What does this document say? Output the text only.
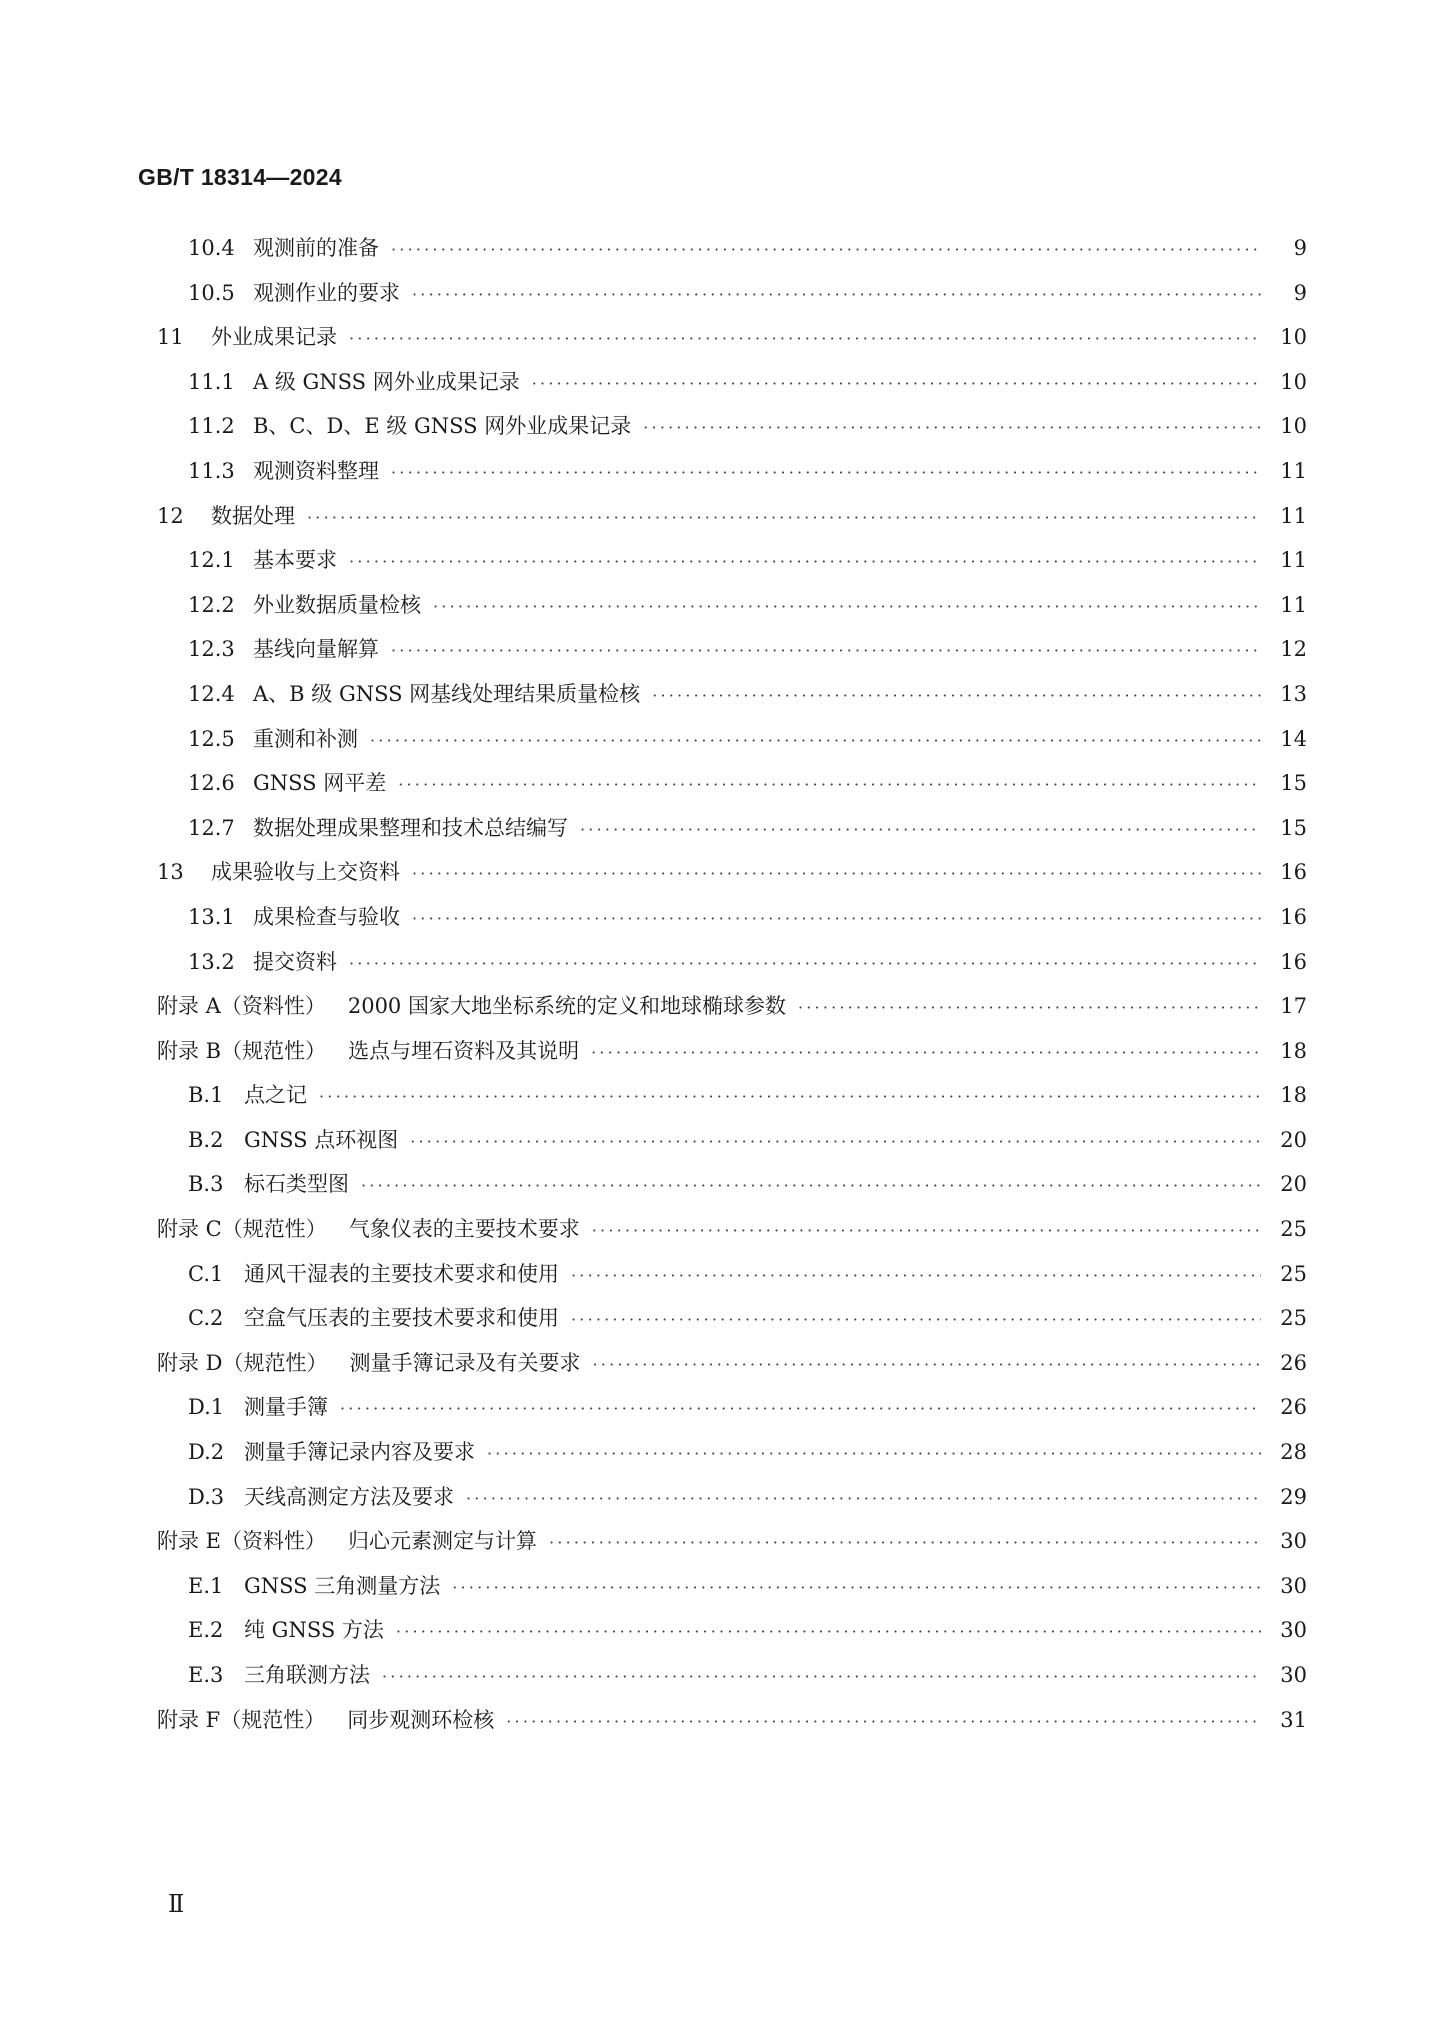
GB/T 18314—2024
10.4 观测前的准备 ·····	9
10.5 观测作业的要求 ·····	9
11	外业成果记录 ·····	10
11.1 A 级 GNSS 网外业成果记录 ·····	10
11.2 B、C、D、E 级 GNSS 网外业成果记录 ·····	10
11.3 观测资料整理 ·····	11
12	数据处理 ·····	11
12.1 基本要求 ·····	11
12.2 外业数据质量检核 ·····	11
12.3 基线向量解算 ·····	12
12.4 A、B 级 GNSS 网基线处理结果质量检核 ·····	13
12.5 重测和补测 ·····	14
12.6 GNSS 网平差 ·····	15
12.7 数据处理成果整理和技术总结编写 ·····	15
13	成果验收与上交资料 ·····	16
13.1 成果检查与验收 ·····	16
13.2 提交资料 ·····	16
附录 A（资料性）	2000 国家大地坐标系统的定义和地球椭球参数 ·····	17
附录 B（规范性）	选点与埋石资料及其说明 ·····	18
B.1 点之记 ·····	18
B.2 GNSS 点环视图 ·····	20
B.3 标石类型图 ·····	20
附录 C（规范性）	气象仪表的主要技术要求 ·····	25
C.1 通风干湿表的主要技术要求和使用 ·····	25
C.2 空盒气压表的主要技术要求和使用 ·····	25
附录 D（规范性）	测量手簿记录及有关要求 ·····	26
D.1 测量手簿 ·····	26
D.2 测量手簿记录内容及要求 ·····	28
D.3 天线高测定方法及要求 ·····	29
附录 E（资料性）	归心元素测定与计算 ·····	30
E.1 GNSS 三角测量方法 ·····	30
E.2 纯 GNSS 方法 ·····	30
E.3 三角联测方法 ·····	30
附录 F（规范性）	同步观测环检核 ·····	31
Ⅱ
